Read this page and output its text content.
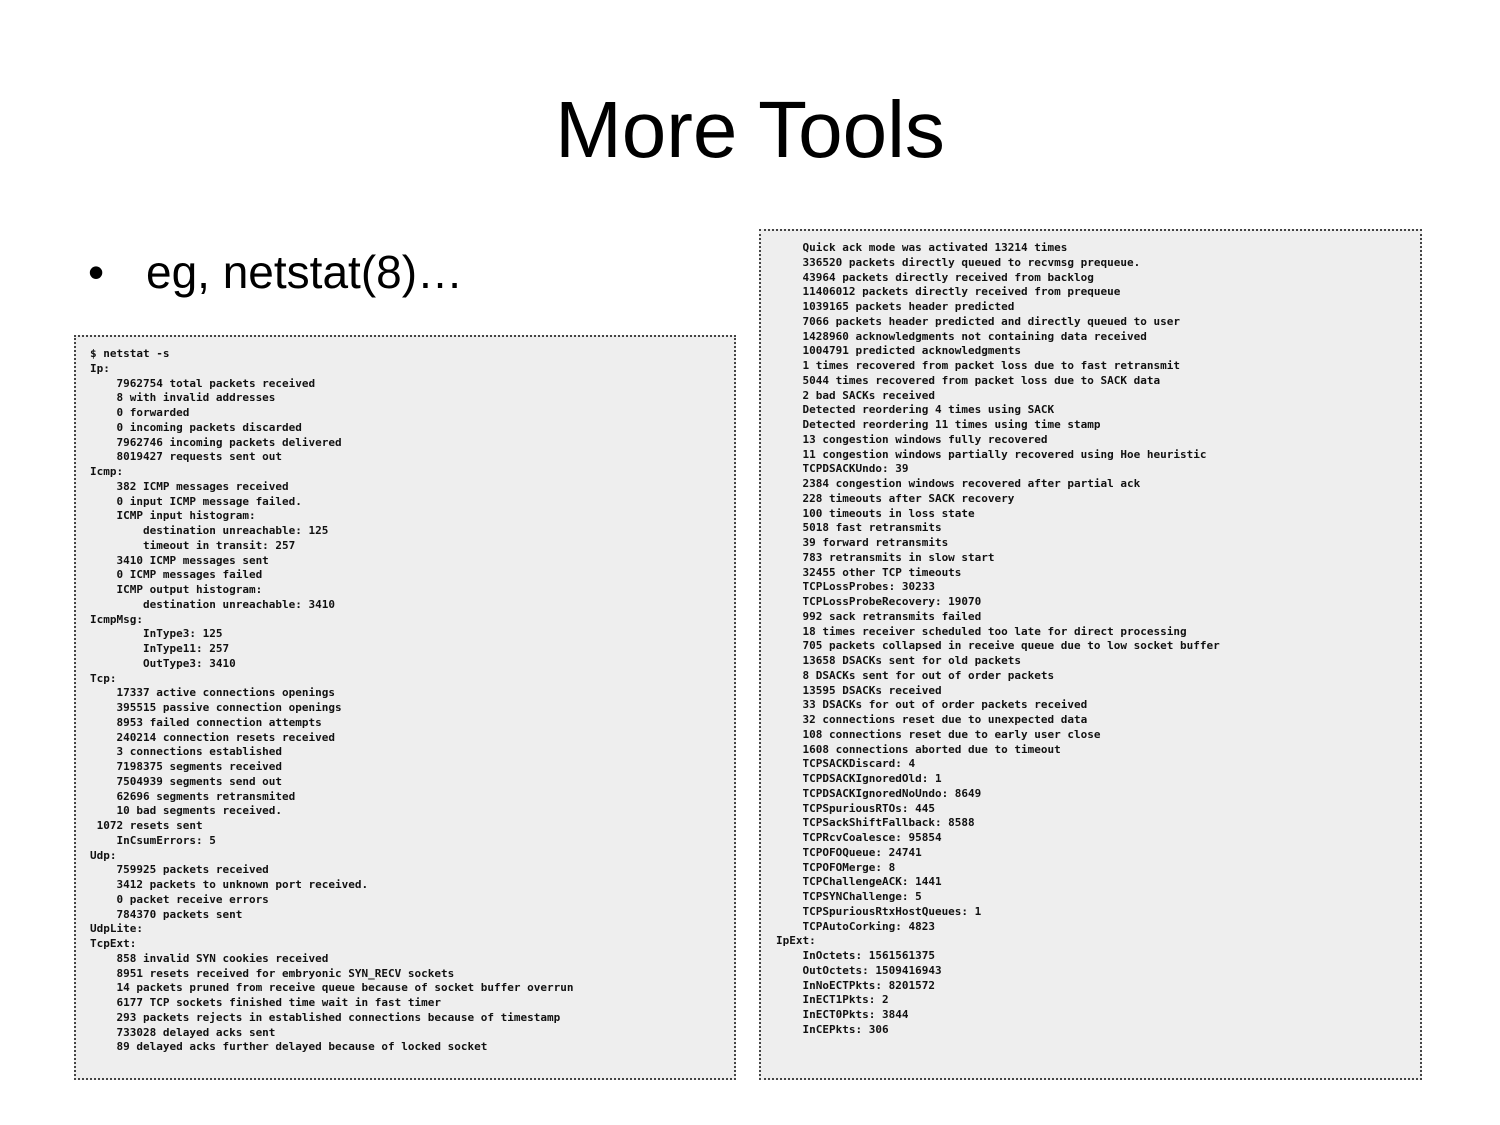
More Tools
• eg, netstat(8)…
$ netstat -s
Ip:
7962754 total packets received
8 with invalid addresses
0 forwarded
0 incoming packets discarded
7962746 incoming packets delivered
8019427 requests sent out
Icmp:
382 ICMP messages received
0 input ICMP message failed.
ICMP input histogram:
destination unreachable: 125
timeout in transit: 257
3410 ICMP messages sent
0 ICMP messages failed
ICMP output histogram:
destination unreachable: 3410
IcmpMsg:
InType3: 125
InType11: 257
OutType3: 3410
Tcp:
17337 active connections openings
395515 passive connection openings
8953 failed connection attempts
240214 connection resets received
3 connections established
7198375 segments received
7504939 segments send out
62696 segments retransmited
10 bad segments received.
1072 resets sent
InCsumErrors: 5
Udp:
759925 packets received
3412 packets to unknown port received.
0 packet receive errors
784370 packets sent
UdpLite:
TcpExt:
858 invalid SYN cookies received
8951 resets received for embryonic SYN_RECV sockets
14 packets pruned from receive queue because of socket buffer overrun
6177 TCP sockets finished time wait in fast timer
293 packets rejects in established connections because of timestamp
733028 delayed acks sent
89 delayed acks further delayed because of locked socket
Quick ack mode was activated 13214 times
336520 packets directly queued to recvmsg prequeue.
43964 packets directly received from backlog
11406012 packets directly received from prequeue
1039165 packets header predicted
7066 packets header predicted and directly queued to user
1428960 acknowledgments not containing data received
1004791 predicted acknowledgments
1 times recovered from packet loss due to fast retransmit
5044 times recovered from packet loss due to SACK data
2 bad SACKs received
Detected reordering 4 times using SACK
Detected reordering 11 times using time stamp
13 congestion windows fully recovered
11 congestion windows partially recovered using Hoe heuristic
TCPDSACKUndo: 39
2384 congestion windows recovered after partial ack
228 timeouts after SACK recovery
100 timeouts in loss state
5018 fast retransmits
39 forward retransmits
783 retransmits in slow start
32455 other TCP timeouts
TCPLossProbes: 30233
TCPLossProbeRecovery: 19070
992 sack retransmits failed
18 times receiver scheduled too late for direct processing
705 packets collapsed in receive queue due to low socket buffer
13658 DSACKs sent for old packets
8 DSACKs sent for out of order packets
13595 DSACKs received
33 DSACKs for out of order packets received
32 connections reset due to unexpected data
108 connections reset due to early user close
1608 connections aborted due to timeout
TCPSACKDiscard: 4
TCPDSACKIgnoredOld: 1
TCPDSACKIgnoredNoUndo: 8649
TCPSpuriousRTOs: 445
TCPSackShiftFallback: 8588
TCPRcvCoalesce: 95854
TCPOFOQueue: 24741
TCPOFOMerge: 8
TCPChallengeACK: 1441
TCPSYNChallenge: 5
TCPSpuriousRtxHostQueues: 1
TCPAutoCorking: 4823
IpExt:
InOctets: 1561561375
OutOctets: 1509416943
InNoECTPkts: 8201572
InECT1Pkts: 2
InECT0Pkts: 3844
InCEPkts: 306
